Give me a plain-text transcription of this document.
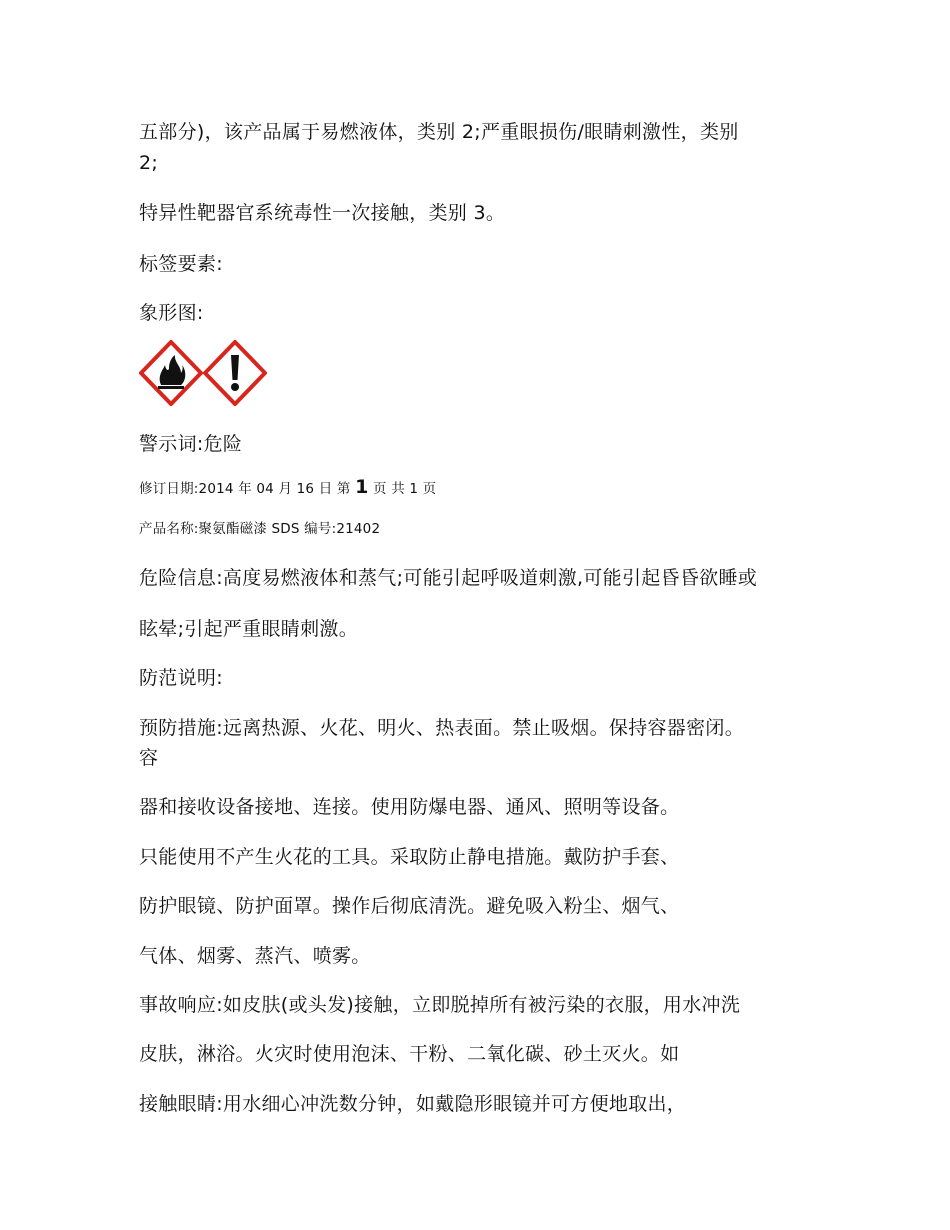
五部分)，该产品属于易燃液体，类别 2;严重眼损伤/眼睛刺激性，类别

2;

特异性靶器官系统毒性一次接触，类别 3。

标签要素:

象形图:

警示词:危险

修订日期:2014 年 04 月 16 日 第 1 页 共 1 页

产品名称:聚氨酯磁漆 SDS 编号:21402

危险信息:高度易燃液体和蒸气;可能引起呼吸道刺激,可能引起昏昏欲睡或

眩晕;引起严重眼睛刺激。

防范说明:

预防措施:远离热源、火花、明火、热表面。禁止吸烟。保持容器密闭。

容

器和接收设备接地、连接。使用防爆电器、通风、照明等设备。

只能使用不产生火花的工具。采取防止静电措施。戴防护手套、

防护眼镜、防护面罩。操作后彻底清洗。避免吸入粉尘、烟气、

气体、烟雾、蒸汽、喷雾。

事故响应:如皮肤(或头发)接触，立即脱掉所有被污染的衣服，用水冲洗

皮肤，淋浴。火灾时使用泡沫、干粉、二氧化碳、砂土灭火。如

接触眼睛:用水细心冲洗数分钟，如戴隐形眼镜并可方便地取出，
